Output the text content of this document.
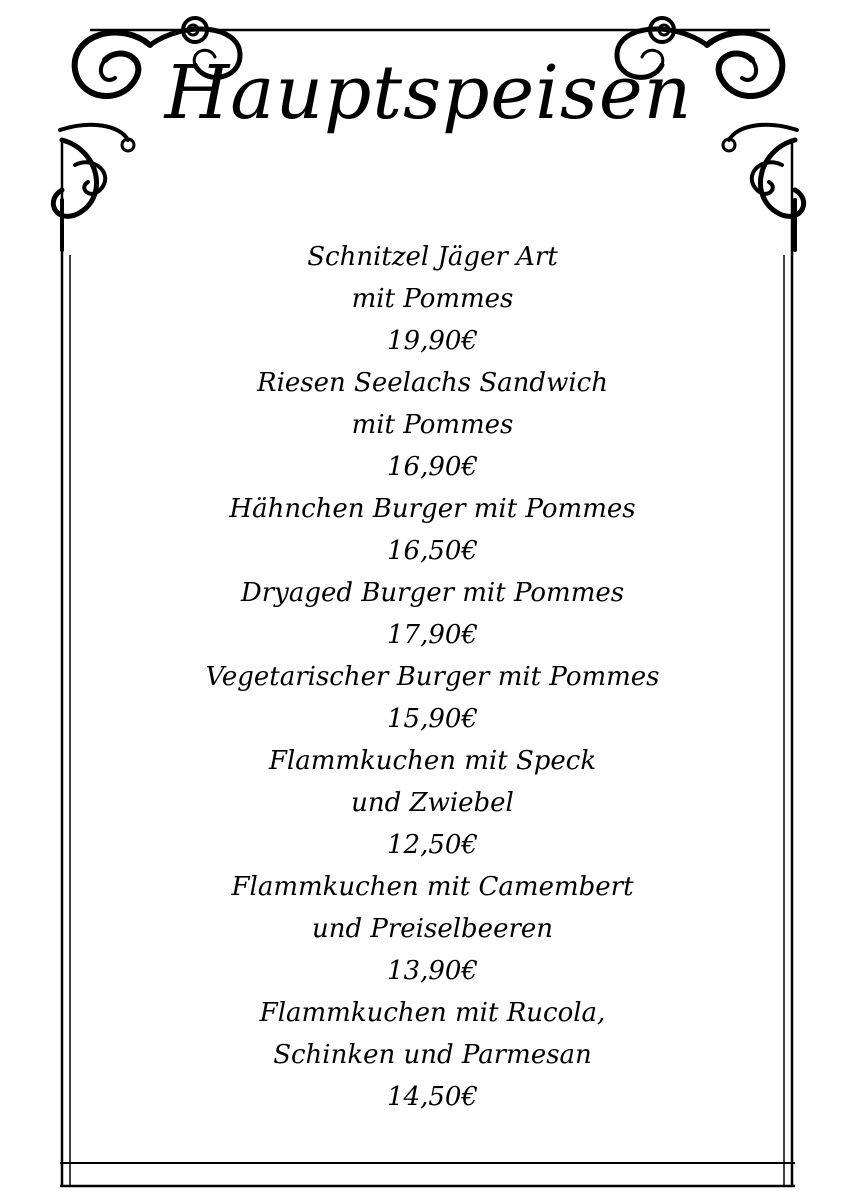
Hauptspeisen
Schnitzel Jäger Art
mit Pommes
19,90€
Riesen Seelachs Sandwich
mit Pommes
16,90€
Hähnchen Burger mit Pommes
16,50€
Dryaged Burger mit Pommes
17,90€
Vegetarischer Burger mit Pommes
15,90€
Flammkuchen mit Speck
und Zwiebel
12,50€
Flammkuchen mit Camembert
und Preiselbeeren
13,90€
Flammkuchen mit Rucola,
Schinken und Parmesan
14,50€
